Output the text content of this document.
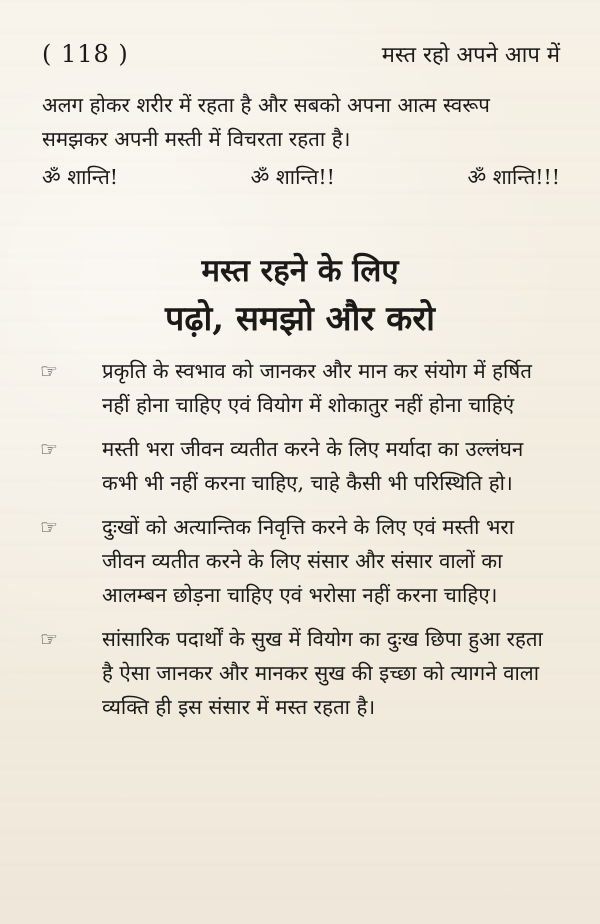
( 118 )	मस्त रहो अपने आप में

अलग होकर शरीर में रहता है और सबको अपना आत्म स्वरूप समझकर अपनी मस्ती में विचरता रहता है।

ॐ शान्ति!	ॐ शान्ति!!	ॐ शान्ति!!!
मस्त रहने के लिए
पढ़ो, समझो और करो
☞	प्रकृति के स्वभाव को जानकर और मान कर संयोग में हर्षित नहीं होना चाहिए एवं वियोग में शोकातुर नहीं होना चाहिएं

☞	मस्ती भरा जीवन व्यतीत करने के लिए मर्यादा का उल्लंघन कभी भी नहीं करना चाहिए, चाहे कैसी भी परिस्थिति हो।

☞	दुःखों को अत्यान्तिक निवृत्ति करने के लिए एवं मस्ती भरा जीवन व्यतीत करने के लिए संसार और संसार वालों का आलम्बन छोड़ना चाहिए एवं भरोसा नहीं करना चाहिए।

☞	सांसारिक पदार्थों के सुख में वियोग का दुःख छिपा हुआ रहता है ऐसा जानकर और मानकर सुख की इच्छा को त्यागने वाला व्यक्ति ही इस संसार में मस्त रहता है।
